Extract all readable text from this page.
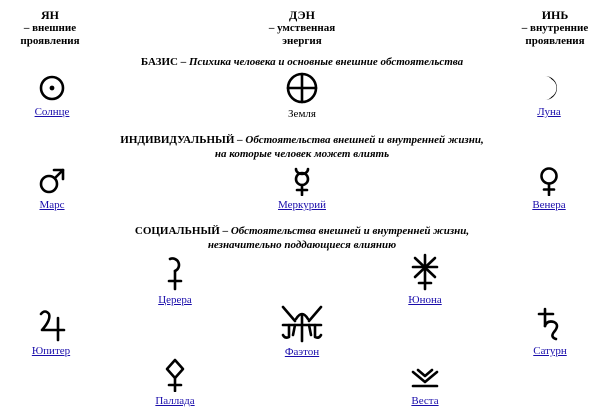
ЯН
– внешние
проявления
ДЭН
– умственная
энергия
ИНЬ
– внутренние
проявления
БАЗИС – Психика человека и основные внешние обстоятельства
Солнце	Земля	Луна
ИНДИВИДУАЛЬНЫЙ – Обстоятельства внешней и внутренней жизни,
на которые человек может влиять
Марс	Меркурий	Венера
СОЦИАЛЬНЫЙ – Обстоятельства внешней и внутренней жизни,
незначительно поддающиеся влиянию
Церера	Юнона
Юпитер	Фаэтон	Сатурн
Паллада	Веста
